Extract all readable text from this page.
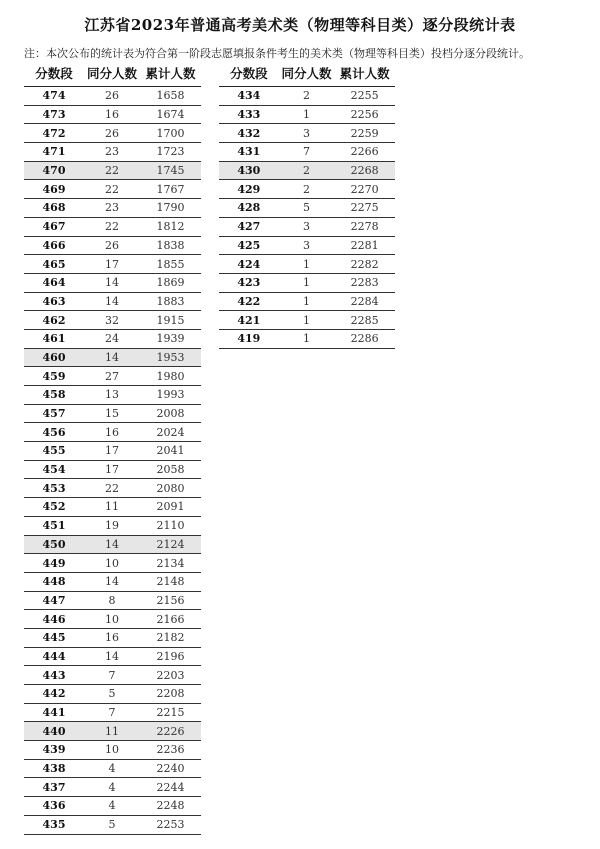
江苏省2023年普通高考美术类（物理等科目类）逐分段统计表
注：本次公布的统计表为符合第一阶段志愿填报条件考生的美术类（物理等科目类）投档分逐分段统计。
分数段	同分人数	累计人数
474	26	1658
473	16	1674
472	26	1700
471	23	1723
470	22	1745
469	22	1767
468	23	1790
467	22	1812
466	26	1838
465	17	1855
464	14	1869
463	14	1883
462	32	1915
461	24	1939
460	14	1953
459	27	1980
458	13	1993
457	15	2008
456	16	2024
455	17	2041
454	17	2058
453	22	2080
452	11	2091
451	19	2110
450	14	2124
449	10	2134
448	14	2148
447	8	2156
446	10	2166
445	16	2182
444	14	2196
443	7	2203
442	5	2208
441	7	2215
440	11	2226
439	10	2236
438	4	2240
437	4	2244
436	4	2248
435	5	2253
分数段	同分人数	累计人数
434	2	2255
433	1	2256
432	3	2259
431	7	2266
430	2	2268
429	2	2270
428	5	2275
427	3	2278
425	3	2281
424	1	2282
423	1	2283
422	1	2284
421	1	2285
419	1	2286
